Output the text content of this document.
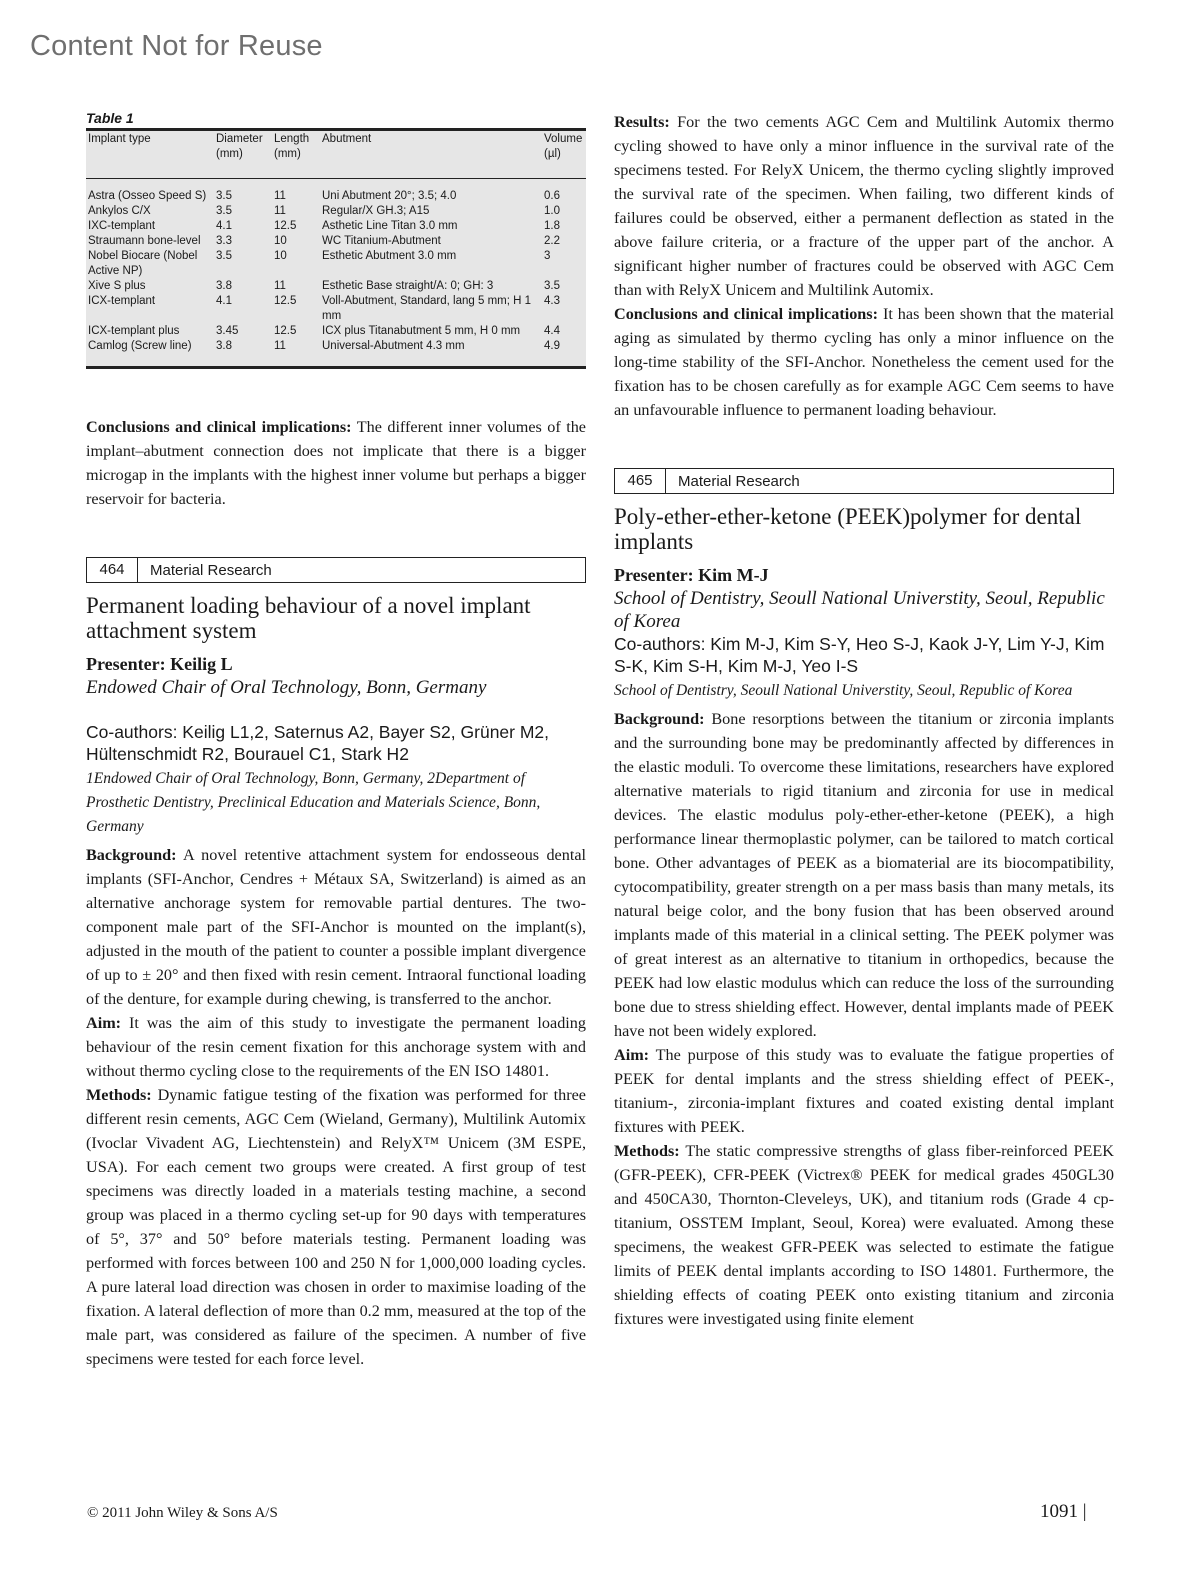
Content Not for Reuse
Table 1
Implant type	Diameter (mm)	Length (mm)	Abutment	Volume (µl)
Astra (Osseo Speed S)	3.5	11	Uni Abutment 20°; 3.5; 4.0	0.6
Ankylos C/X	3.5	11	Regular/X GH.3; A15	1.0
IXC-templant	4.1	12.5	Asthetic Line Titan 3.0 mm	1.8
Straumann bone-level	3.3	10	WC Titanium-Abutment	2.2
Nobel Biocare (Nobel Active NP)	3.5	10	Esthetic Abutment 3.0 mm	3
Xive S plus	3.8	11	Esthetic Base straight/A: 0; GH: 3	3.5
ICX-templant	4.1	12.5	Voll-Abutment, Standard, lang 5 mm; H 1 mm	4.3
ICX-templant plus	3.45	12.5	ICX plus Titanabutment 5 mm, H 0 mm	4.4
Camlog (Screw line)	3.8	11	Universal-Abutment 4.3 mm	4.9

Conclusions and clinical implications: The different inner volumes of the implant–abutment connection does not implicate that there is a bigger microgap in the implants with the highest inner volume but perhaps a bigger reservoir for bacteria.

464	Material Research
Permanent loading behaviour of a novel implant attachment system
Presenter: Keilig L
Endowed Chair of Oral Technology, Bonn, Germany
Co-authors: Keilig L1,2, Saternus A2, Bayer S2, Grüner M2, Hültenschmidt R2, Bourauel C1, Stark H2
1Endowed Chair of Oral Technology, Bonn, Germany, 2Department of Prosthetic Dentistry, Preclinical Education and Materials Science, Bonn, Germany

Background: A novel retentive attachment system for endosseous dental implants (SFI-Anchor, Cendres + Métaux SA, Switzerland) is aimed as an alternative anchorage system for removable partial dentures. The two-component male part of the SFI-Anchor is mounted on the implant(s), adjusted in the mouth of the patient to counter a possible implant divergence of up to ± 20° and then fixed with resin cement. Intraoral functional loading of the denture, for example during chewing, is transferred to the anchor.

Aim: It was the aim of this study to investigate the permanent loading behaviour of the resin cement fixation for this anchorage system with and without thermo cycling close to the requirements of the EN ISO 14801.

Methods: Dynamic fatigue testing of the fixation was performed for three different resin cements, AGC Cem (Wieland, Germany), Multilink Automix (Ivoclar Vivadent AG, Liechtenstein) and RelyX™ Unicem (3M ESPE, USA). For each cement two groups were created. A first group of test specimens was directly loaded in a materials testing machine, a second group was placed in a thermo cycling set-up for 90 days with temperatures of 5°, 37° and 50° before materials testing. Permanent loading was performed with forces between 100 and 250 N for 1,000,000 loading cycles. A pure lateral load direction was chosen in order to maximise loading of the fixation. A lateral deflection of more than 0.2 mm, measured at the top of the male part, was considered as failure of the specimen. A number of five specimens were tested for each force level.

Results: For the two cements AGC Cem and Multilink Automix thermo cycling showed to have only a minor influence in the survival rate of the specimens tested. For RelyX Unicem, the thermo cycling slightly improved the survival rate of the specimen. When failing, two different kinds of failures could be observed, either a permanent deflection as stated in the above failure criteria, or a fracture of the upper part of the anchor. A significant higher number of fractures could be observed with AGC Cem than with RelyX Unicem and Multilink Automix.

Conclusions and clinical implications: It has been shown that the material aging as simulated by thermo cycling has only a minor influence on the long-time stability of the SFI-Anchor. Nonetheless the cement used for the fixation has to be chosen carefully as for example AGC Cem seems to have an unfavourable influence to permanent loading behaviour.

465	Material Research
Poly-ether-ether-ketone (PEEK)polymer for dental implants
Presenter: Kim M-J
School of Dentistry, Seoull National Universtity, Seoul, Republic of Korea
Co-authors: Kim M-J, Kim S-Y, Heo S-J, Kaok J-Y, Lim Y-J, Kim S-K, Kim S-H, Kim M-J, Yeo I-S
School of Dentistry, Seoull National Universtity, Seoul, Republic of Korea

Background: Bone resorptions between the titanium or zirconia implants and the surrounding bone may be predominantly affected by differences in the elastic moduli. To overcome these limitations, researchers have explored alternative materials to rigid titanium and zirconia for use in medical devices. The elastic modulus poly-ether-ether-ketone (PEEK), a high performance linear thermoplastic polymer, can be tailored to match cortical bone. Other advantages of PEEK as a biomaterial are its biocompatibility, cytocompatibility, greater strength on a per mass basis than many metals, its natural beige color, and the bony fusion that has been observed around implants made of this material in a clinical setting. The PEEK polymer was of great interest as an alternative to titanium in orthopedics, because the PEEK had low elastic modulus which can reduce the loss of the surrounding bone due to stress shielding effect. However, dental implants made of PEEK have not been widely explored.

Aim: The purpose of this study was to evaluate the fatigue properties of PEEK for dental implants and the stress shielding effect of PEEK-, titanium-, zirconia-implant fixtures and coated existing dental implant fixtures with PEEK.

Methods: The static compressive strengths of glass fiber-reinforced PEEK (GFR-PEEK), CFR-PEEK (Victrex® PEEK for medical grades 450GL30 and 450CA30, Thornton-Cleveleys, UK), and titanium rods (Grade 4 cp-titanium, OSSTEM Implant, Seoul, Korea) were evaluated. Among these specimens, the weakest GFR-PEEK was selected to estimate the fatigue limits of PEEK dental implants according to ISO 14801. Furthermore, the shielding effects of coating PEEK onto existing titanium and zirconia fixtures were investigated using finite element

© 2011 John Wiley & Sons A/S	1091 |
